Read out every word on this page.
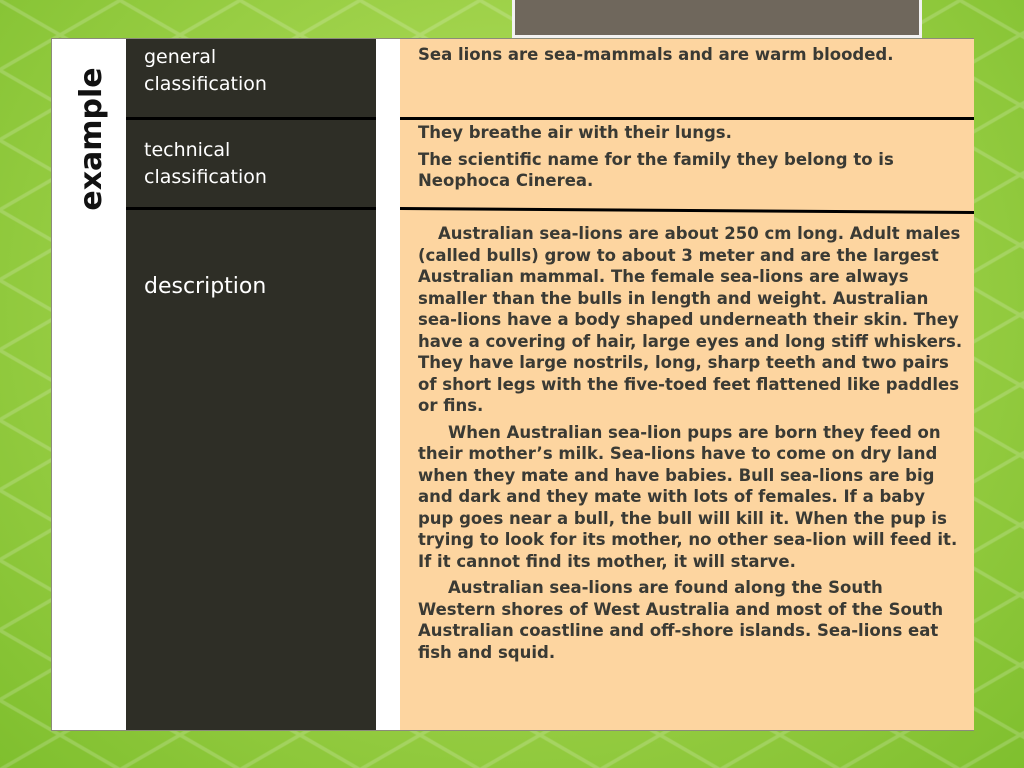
example
general classification
technical classification
description

Sea lions are sea-mammals and are warm blooded.

They breathe air with their lungs.

The scientific name for the family they belong to is Neophoca Cinerea.

Australian sea-lions are about 250 cm long. Adult males (called bulls) grow to about 3 meter and are the largest Australian mammal. The female sea-lions are always smaller than the bulls in length and weight. Australian sea-lions have a body shaped underneath their skin. They have a covering of hair, large eyes and long stiff whiskers. They have large nostrils, long, sharp teeth and two pairs of short legs with the five-toed feet flattened like paddles or fins.

When Australian sea-lion pups are born they feed on their mother’s milk. Sea-lions have to come on dry land when they mate and have babies. Bull sea-lions are big and dark and they mate with lots of females. If a baby pup goes near a bull, the bull will kill it. When the pup is trying to look for its mother, no other sea-lion will feed it. If it cannot find its mother, it will starve.

Australian sea-lions are found along the South Western shores of West Australia and most of the South Australian coastline and off-shore islands. Sea-lions eat fish and squid.
